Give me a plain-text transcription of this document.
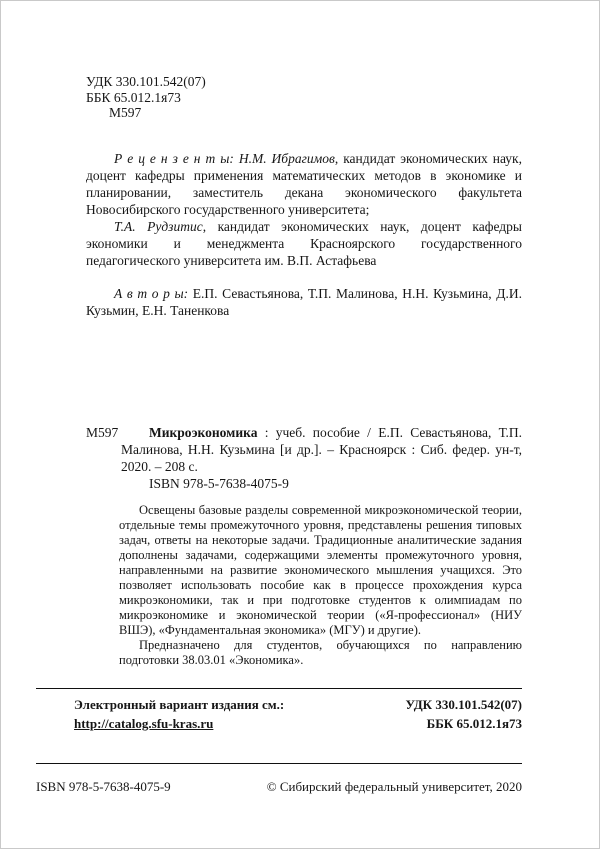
УДК 330.101.542(07)
ББК 65.012.1я73
М597

Р е ц е н з е н т ы: Н.М. Ибрагимов, кандидат экономических наук, доцент кафедры применения математических методов в экономике и планировании, заместитель декана экономического факультета Новосибирского государственного университета;

Т.А. Рудзитис, кандидат экономических наук, доцент кафедры экономики и менеджмента Красноярского государственного педагогического университета им. В.П. Астафьева

А в т о р ы: Е.П. Севастьянова, Т.П. Малинова, Н.Н. Кузьмина, Д.И. Кузьмин, Е.Н. Таненкова

М597	Микроэкономика : учеб. пособие / Е.П. Севастьянова, Т.П. Малинова, Н.Н. Кузьмина [и др.]. – Красноярск : Сиб. федер. ун-т, 2020. – 208 с.

ISBN 978-5-7638-4075-9

Освещены базовые разделы современной микроэкономической теории, отдельные темы промежуточного уровня, представлены решения типовых задач, ответы на некоторые задачи. Традиционные аналитические задания дополнены задачами, содержащими элементы промежуточного уровня, направленными на развитие экономического мышления учащихся. Это позволяет использовать пособие как в процессе прохождения курса микроэкономики, так и при подготовке студентов к олимпиадам по микроэкономике и экономической теории («Я-профессионал» (НИУ ВШЭ), «Фундаментальная экономика» (МГУ) и другие).

Предназначено для студентов, обучающихся по направлению подготовки 38.03.01 «Экономика».

Электронный вариант издания см.:
http://catalog.sfu-kras.ru
УДК 330.101.542(07)
ББК 65.012.1я73
ISBN 978-5-7638-4075-9	© Сибирский федеральный университет, 2020
